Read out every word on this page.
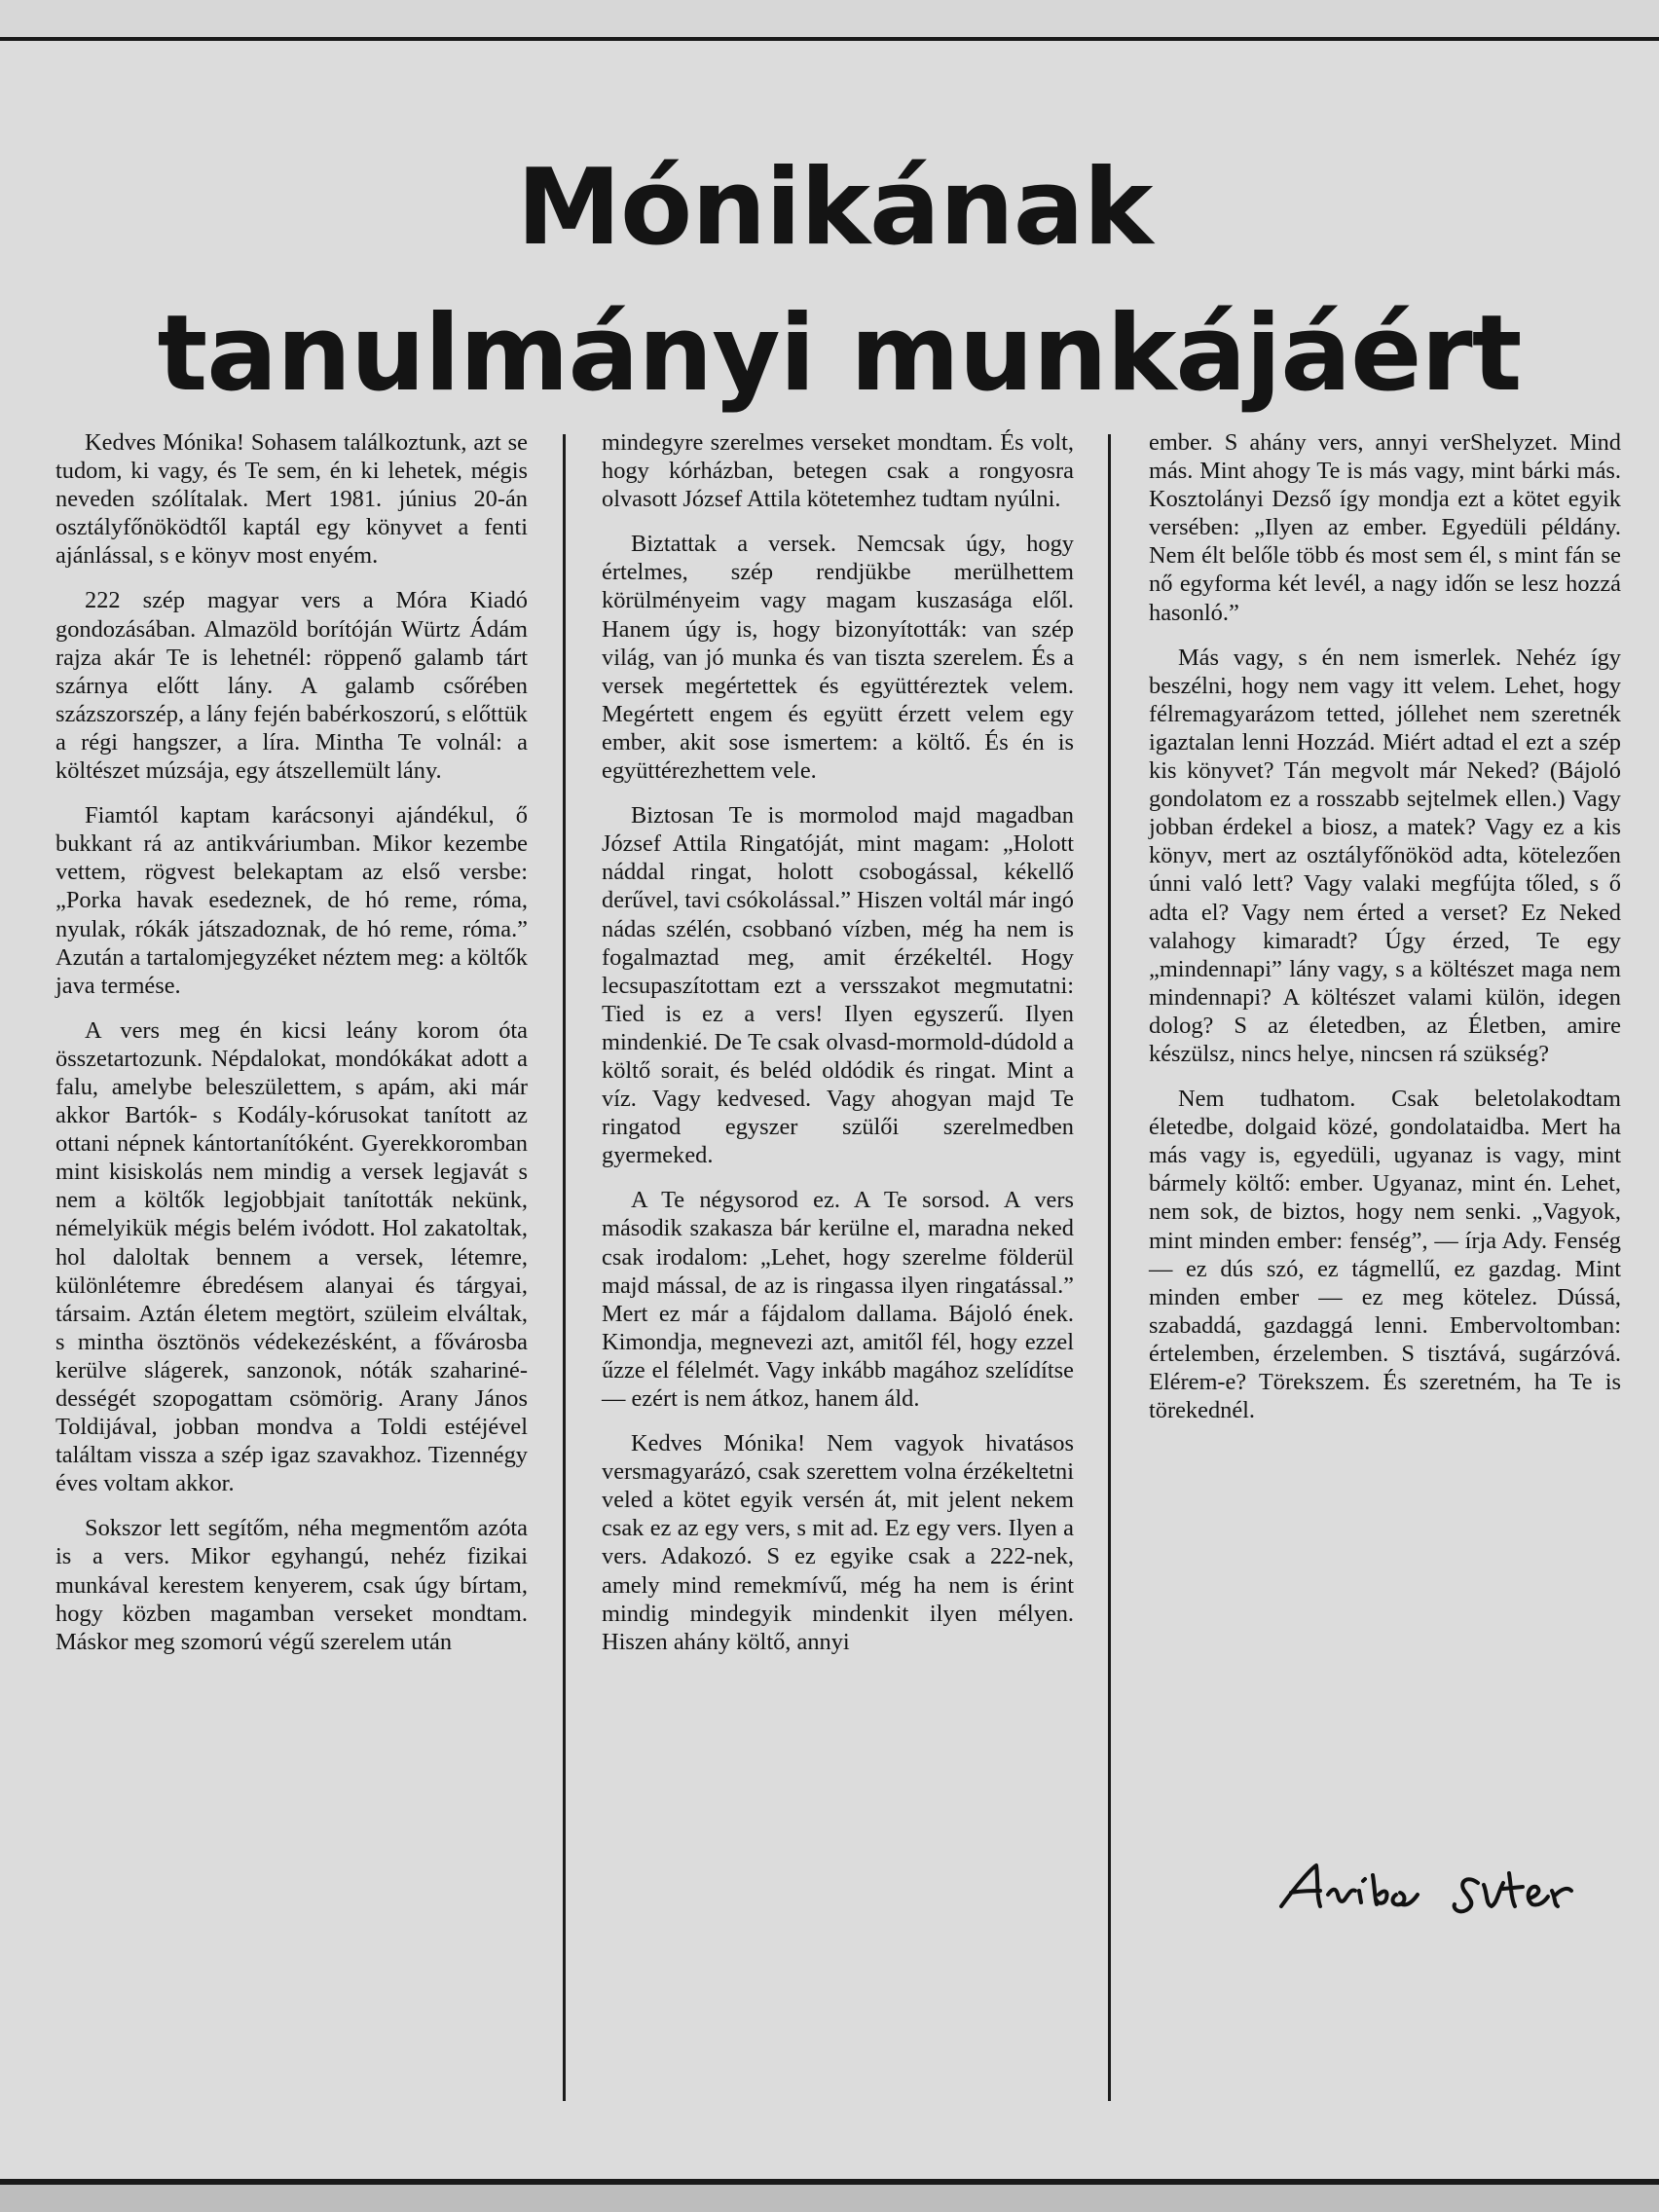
Mónikának
tanulmányi munkájáért

Kedves Mónika! Sohasem találkoztunk, azt se tudom, ki vagy, és Te sem, én ki lehetek, mégis neveden szólítalak. Mert 1981. június 20-án osztályfőnöködtől kaptál egy könyvet a fenti ajánlással, s e könyv most enyém.

222 szép magyar vers a Móra Kiadó gondozásában. Almazöld borítóján Würtz Ádám rajza akár Te is lehetnél: röppenő galamb tárt szárnya előtt lány. A galamb csőrében százszorszép, a lány fején babérkoszorú, s előttük a régi hangszer, a líra. Mintha Te volnál: a költészet múzsája, egy átszellemült lány.

Fiamtól kaptam karácsonyi ajándékul, ő bukkant rá az antikváriumban. Mikor kezembe vettem, rögvest belekaptam az első versbe: „Porka havak esedeznek, de hó reme, róma, nyulak, rókák játszadoznak, de hó reme, róma.” Azután a tartalomjegyzéket néztem meg: a költők java termése.

A vers meg én kicsi leány korom óta összetartozunk. Népdalokat, mondókákat adott a falu, amelybe beleszülettem, s apám, aki már akkor Bartók- s Kodály-kórusokat tanított az ottani népnek kántortanítóként. Gyerekkoromban mint kisiskolás nem mindig a versek legjavát s nem a költők legjobbjait tanították nekünk, némelyikük mégis belém ivódott. Hol zakatoltak, hol daloltak bennem a versek, létemre, különlétemre ébredésem alanyai és tárgyai, társaim. Aztán életem megtört, szüleim elváltak, s mintha ösztönös védekezésként, a fővárosba kerülve slágerek, sanzonok, nóták szaharinédességét szopogattam csömörig. Arany János Toldijával, jobban mondva a Toldi estéjével találtam vissza a szép igaz szavakhoz. Tizennégy éves voltam akkor.

Sokszor lett segítőm, néha megmentőm azóta is a vers. Mikor egyhangú, nehéz fizikai munkával kerestem kenyerem, csak úgy bírtam, hogy közben magamban verseket mondtam. Máskor meg szomorú végű szerelem után

mindegyre szerelmes verseket mondtam. És volt, hogy kórházban, betegen csak a rongyosra olvasott József Attila kötetemhez tudtam nyúlni.

Biztattak a versek. Nemcsak úgy, hogy értelmes, szép rendjükbe merülhettem körülményeim vagy magam kuszasága elől. Hanem úgy is, hogy bizonyították: van szép világ, van jó munka és van tiszta szerelem. És a versek megértettek és együttéreztek velem. Megértett engem és együtt érzett velem egy ember, akit sose ismertem: a költő. És én is együttérezhettem vele.

Biztosan Te is mormolod majd magadban József Attila Ringatóját, mint magam: „Holott náddal ringat, holott csobogással, kékellő derűvel, tavi csókolással.” Hiszen voltál már ingó nádas szélén, csobbanó vízben, még ha nem is fogalmaztad meg, amit érzékeltél. Hogy lecsupaszítottam ezt a versszakot megmutatni: Tied is ez a vers! Ilyen egyszerű. Ilyen mindenkié. De Te csak olvasd-mormold-dúdold a költő sorait, és beléd oldódik és ringat. Mint a víz. Vagy kedvesed. Vagy ahogyan majd Te ringatod egyszer szülői szerelmedben gyermeked.

A Te négysorod ez. A Te sorsod. A vers második szakasza bár kerülne el, maradna neked csak irodalom: „Lehet, hogy szerelme földerül majd mással, de az is ringassa ilyen ringatással.” Mert ez már a fájdalom dallama. Bájoló ének. Kimondja, megnevezi azt, amitől fél, hogy ezzel űzze el félelmét. Vagy inkább magához szelídítse — ezért is nem átkoz, hanem áld.

Kedves Mónika! Nem vagyok hivatásos versmagyarázó, csak szerettem volna érzékeltetni veled a kötet egyik versén át, mit jelent nekem csak ez az egy vers, s mit ad. Ez egy vers. Ilyen a vers. Adakozó. S ez egyike csak a 222-nek, amely mind remekmívű, még ha nem is érint mindig mindegyik mindenkit ilyen mélyen. Hiszen ahány költő, annyi

ember. S ahány vers, annyi verShelyzet. Mind más. Mint ahogy Te is más vagy, mint bárki más. Kosztolányi Dezső így mondja ezt a kötet egyik versében: „Ilyen az ember. Egyedüli példány. Nem élt belőle több és most sem él, s mint fán se nő egyforma két levél, a nagy időn se lesz hozzá hasonló.”

Más vagy, s én nem ismerlek. Nehéz így beszélni, hogy nem vagy itt velem. Lehet, hogy félremagyarázom tetted, jóllehet nem szeretnék igaztalan lenni Hozzád. Miért adtad el ezt a szép kis könyvet? Tán megvolt már Neked? (Bájoló gondolatom ez a rosszabb sejtelmek ellen.) Vagy jobban érdekel a biosz, a matek? Vagy ez a kis könyv, mert az osztályfőnököd adta, kötelezően únni való lett? Vagy valaki megfújta tőled, s ő adta el? Vagy nem érted a verset? Ez Neked valahogy kimaradt? Úgy érzed, Te egy „mindennapi” lány vagy, s a költészet maga nem mindennapi? A költészet valami külön, idegen dolog? S az életedben, az Életben, amire készülsz, nincs helye, nincsen rá szükség?

Nem tudhatom. Csak beletolakodtam életedbe, dolgaid közé, gondolataidba. Mert ha más vagy is, egyedüli, ugyanaz is vagy, mint bármely költő: ember. Ugyanaz, mint én. Lehet, nem sok, de biztos, hogy nem senki. „Vagyok, mint minden ember: fenség”, — írja Ady. Fenség — ez dús szó, ez tágmellű, ez gazdag. Mint minden ember — ez meg kötelez. Dússá, szabaddá, gazdaggá lenni. Embervoltomban: értelemben, érzelemben. S tisztává, sugárzóvá. Elérem-e? Törekszem. És szeretném, ha Te is törekednél.
